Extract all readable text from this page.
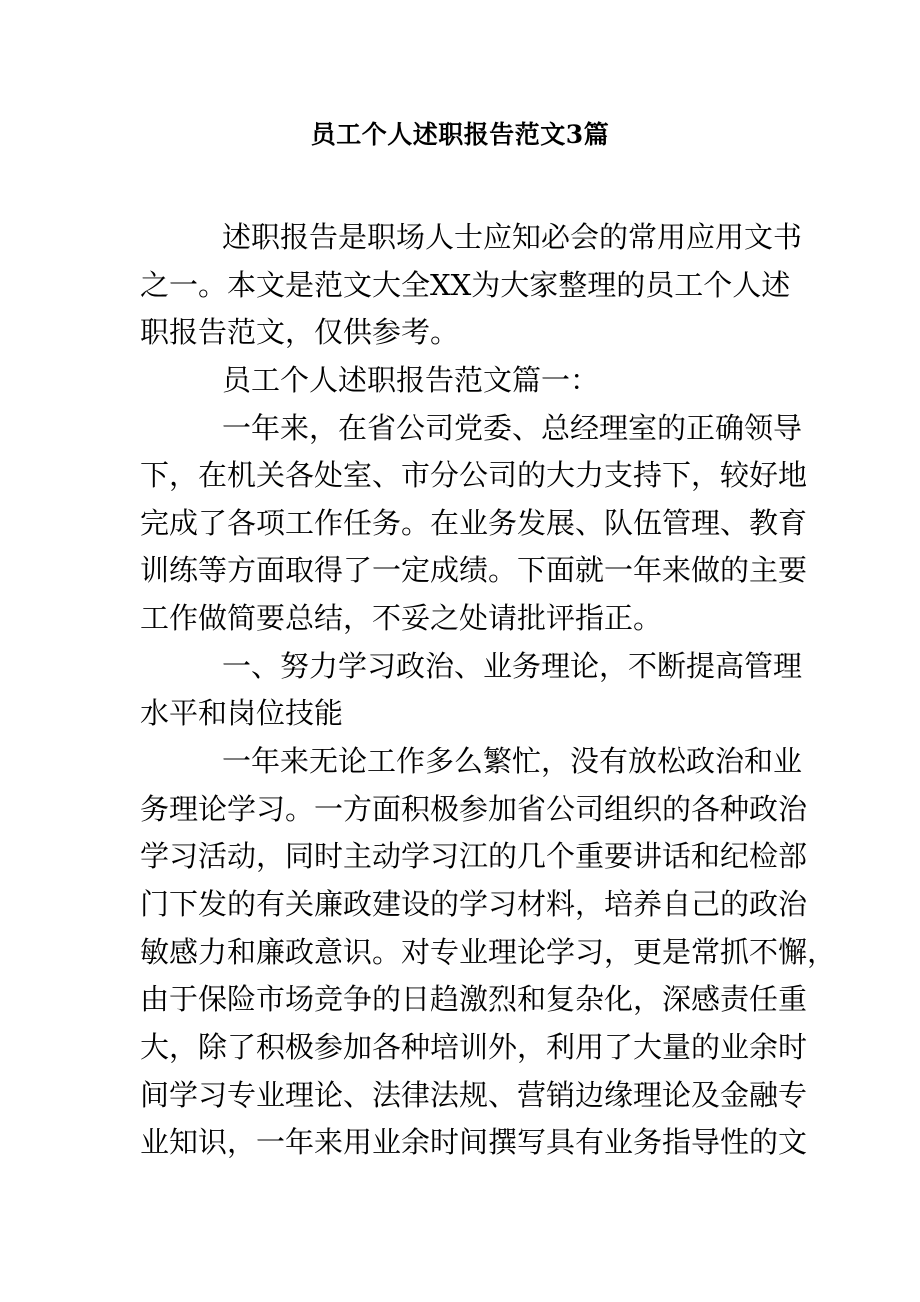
员工个人述职报告范文3篇
述职报告是职场人士应知必会的常用应用文书
之一。本文是范文大全XX为大家整理的员工个人述
职报告范文，仅供参考。
员工个人述职报告范文篇一：
一年来，在省公司党委、总经理室的正确领导
下，在机关各处室、市分公司的大力支持下，较好地
完成了各项工作任务。在业务发展、队伍管理、教育
训练等方面取得了一定成绩。下面就一年来做的主要
工作做简要总结，不妥之处请批评指正。
一、努力学习政治、业务理论，不断提高管理
水平和岗位技能
一年来无论工作多么繁忙，没有放松政治和业
务理论学习。一方面积极参加省公司组织的各种政治
学习活动，同时主动学习江的几个重要讲话和纪检部
门下发的有关廉政建设的学习材料，培养自己的政治
敏感力和廉政意识。对专业理论学习，更是常抓不懈，
由于保险市场竞争的日趋激烈和复杂化，深感责任重
大，除了积极参加各种培训外，利用了大量的业余时
间学习专业理论、法律法规、营销边缘理论及金融专
业知识，一年来用业余时间撰写具有业务指导性的文
